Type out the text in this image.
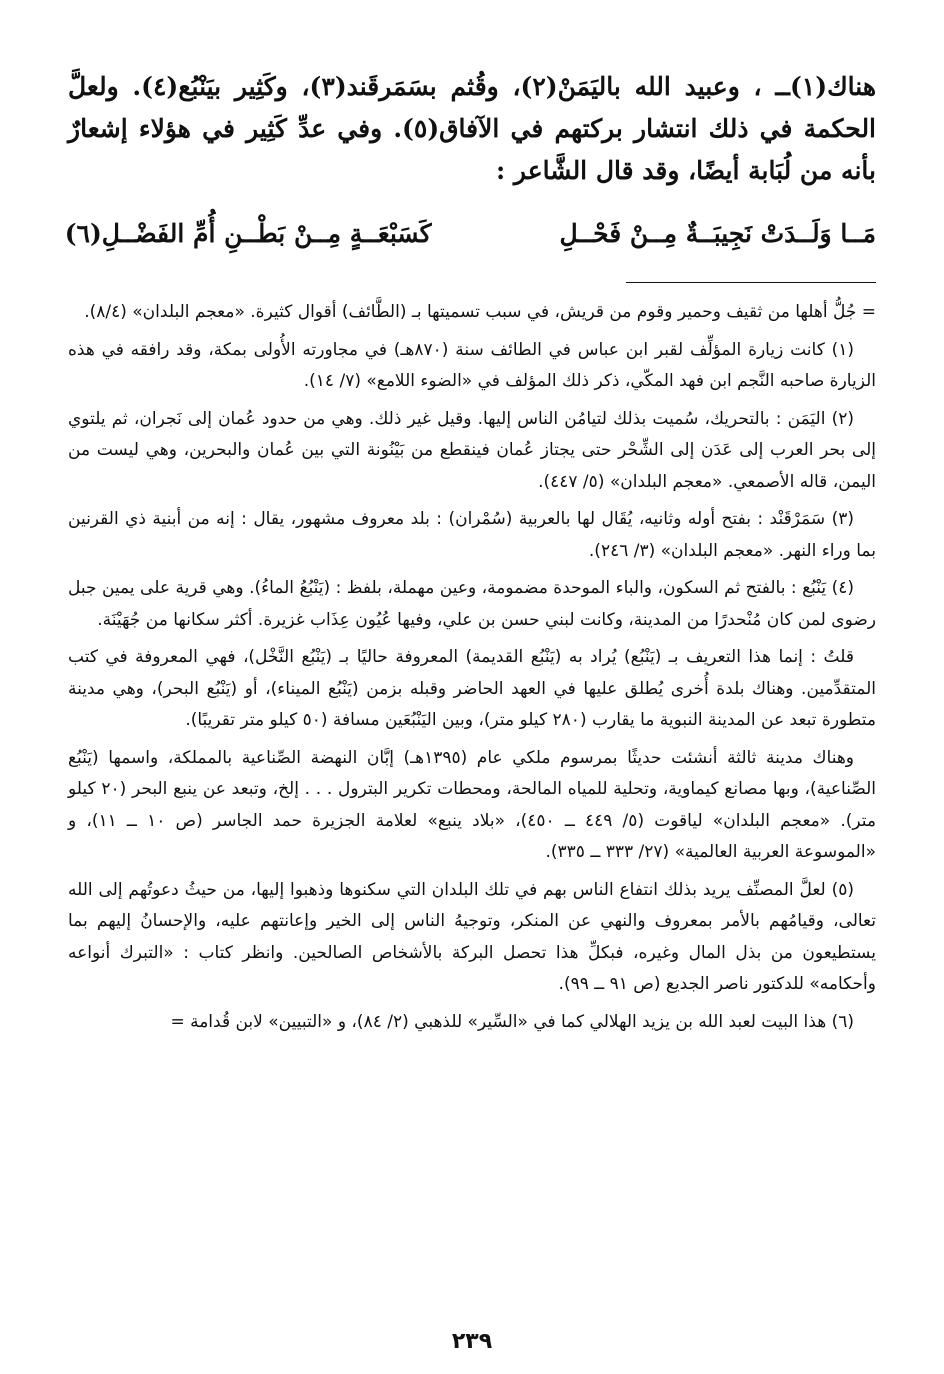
هناك(١)ــ ، وعبيد الله باليَمَنْ(٢)، وقُثم بسَمَرقَند(٣)، وكَثِير بيَنْبُع(٤). ولعلَّ الحكمة في ذلك انتشار بركتهم في الآفاق(٥). وفي عدِّ كَثِير في هؤلاء إشعارٌ بأنه من لُبَابة أيضًا، وقد قال الشَّاعر :

مَــا وَلَــدَتْ نَجِيبَــةٌ مِــنْ فَحْــلِ
كَسَبْعَــةٍ مِــنْ بَطْــنِ أُمِّ الفَضْــلِ(٦)

= جُلُّ أهلها من ثقيف وحمير وقوم من قريش، في سبب تسميتها بـ (الطَّائف) أقوال كثيرة. «معجم البلدان» (٨/٤).

(١) كانت زيارة المؤلِّف لقبر ابن عباس في الطائف سنة (٨٧٠هـ) في مجاورته الأُولى بمكة، وقد رافقه في هذه الزيارة صاحبه النَّجم ابن فهد المكّي، ذكر ذلك المؤلف في «الضوء اللامع» (٧/ ١٤).

(٢) اليَمَن : بالتحريك، سُميت بذلك لتيامُن الناس إليها. وقيل غير ذلك. وهي من حدود عُمان إلى نَجران، ثم يلتوي إلى بحر العرب إلى عَدَن إلى الشِّحْر حتى يجتاز عُمان فينقطع من بَيْنُونة التي بين عُمان والبحرين، وهي ليست من اليمن، قاله الأصمعي. «معجم البلدان» (٥/ ٤٤٧).

(٣) سَمَرْقَنْد : بفتح أوله وثانيه، يُقَال لها بالعربية (سُمْران) : بلد معروف مشهور، يقال : إنه من أبنية ذي القرنين بما وراء النهر. «معجم البلدان» (٣/ ٢٤٦).

(٤) يَنْبُع : بالفتح ثم السكون، والباء الموحدة مضمومة، وعين مهملة، بلفظ : (يَنْبُعُ الماءُ). وهي قرية على يمين جبل رضوى لمن كان مُنْحدرًا من المدينة، وكانت لبني حسن بن علي، وفيها عُيُون عِذَاب غزيرة. أكثر سكانها من جُهَيْنَة.

قلتُ : إنما هذا التعريف بـ (يَنْبُع) يُراد به (يَنْبُع القديمة) المعروفة حاليًا بـ (يَنْبُع النَّخْل)، فهي المعروفة في كتب المتقدِّمين. وهناك بلدة أُخرى يُطلق عليها في العهد الحاضر وقبله بزمن (يَنْبُع الميناء)، أو (يَنْبُع البحر)، وهي مدينة متطورة تبعد عن المدينة النبوية ما يقارب (٢٨٠ كيلو متر)، وبين اليَنْبُعَين مسافة (٥٠ كيلو متر تقريبًا).

وهناك مدينة ثالثة أنشئت حديثًا بمرسوم ملكي عام (١٣٩٥هـ) إبَّان النهضة الصِّناعية بالمملكة، واسمها (يَنْبُع الصِّناعية)، وبها مصانع كيماوية، وتحلية للمياه المالحة، ومحطات تكرير البترول . . . إلخ، وتبعد عن ينبع البحر (٢٠ كيلو متر). «معجم البلدان» لياقوت (٥/ ٤٤٩ ــ ٤٥٠)، «بلاد ينبع» لعلامة الجزيرة حمد الجاسر (ص ١٠ ــ ١١)، و «الموسوعة العربية العالمية» (٢٧/ ٣٣٣ ــ ٣٣٥).

(٥) لعلَّ المصنِّف يريد بذلك انتفاع الناس بهم في تلك البلدان التي سكنوها وذهبوا إليها، من حيثُ دعوتُهم إلى الله تعالى، وقيامُهم بالأمر بمعروف والنهي عن المنكر، وتوجيهُ الناس إلى الخير وإعانتهم عليه، والإحسانُ إليهم بما يستطيعون من بذل المال وغيره، فبكلِّ هذا تحصل البركة بالأشخاص الصالحين. وانظر كتاب : «التبرك أنواعه وأحكامه» للدكتور ناصر الجديع (ص ٩١ ــ ٩٩).

(٦) هذا البيت لعبد الله بن يزيد الهلالي كما في «السِّير» للذهبي (٢/ ٨٤)، و «التبيين» لابن قُدامة =

٢٣٩
